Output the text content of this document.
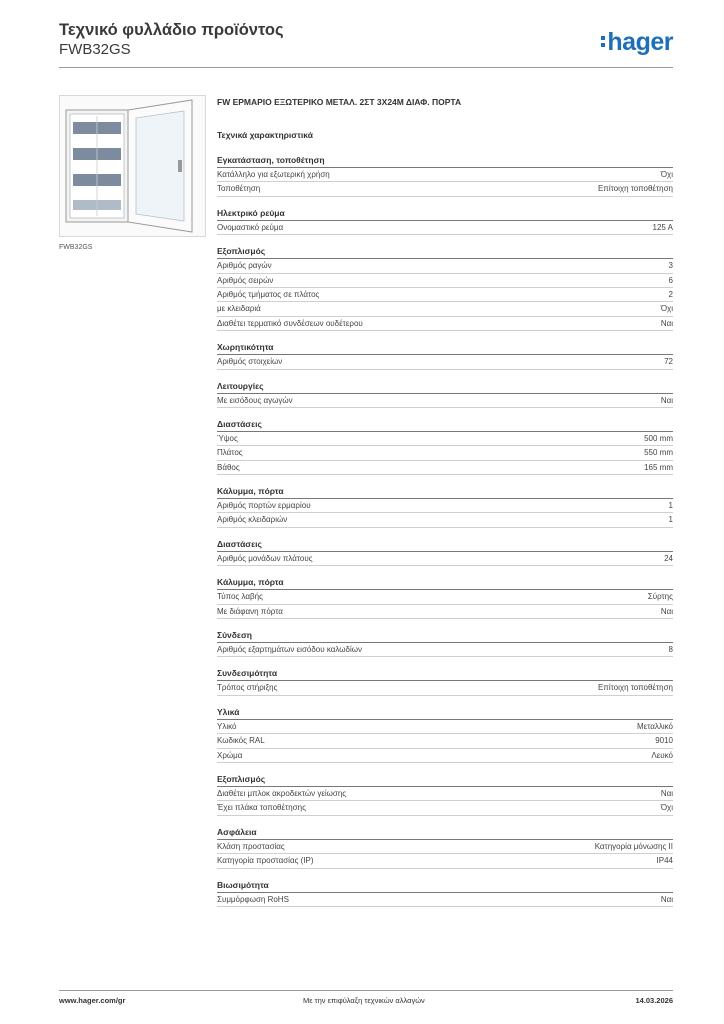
Τεχνικό φυλλάδιο προϊόντος
FWB32GS	hager
FWB32GS
FW ΕΡΜΑΡΙΟ ΕΞΩΤΕΡΙΚΟ ΜΕΤΑΛ. 2ΣΤ 3Χ24Μ ΔΙΑΦ. ΠΟΡΤΑ
Τεχνικά χαρακτηριστικά
Εγκατάσταση, τοποθέτηση
Κατάλληλο για εξωτερική χρήση	Όχι
Τοποθέτηση	Επίτοιχη τοποθέτηση
Ηλεκτρικό ρεύμα
Ονομαστικό ρεύμα	125 A
Εξοπλισμός
Αριθμός ραγών	3
Αριθμός σειρών	6
Αριθμός τμήματος σε πλάτος	2
με κλειδαριά	Όχι
Διαθέτει τερματικό συνδέσεων ουδέτερου	Ναι
Χωρητικότητα
Αριθμός στοιχείων	72
Λειτουργίες
Με εισόδους αγωγών	Ναι
Διαστάσεις
Ύψος	500 mm
Πλάτος	550 mm
Βάθος	165 mm
Κάλυμμα, πόρτα
Αριθμός πορτών ερμαρίου	1
Αριθμός κλειδαριών	1
Διαστάσεις
Αριθμός μονάδων πλάτους	24
Κάλυμμα, πόρτα
Τύπος λαβής	Σύρτης
Με διάφανη πόρτα	Ναι
Σύνδεση
Αριθμός εξαρτημάτων εισόδου καλωδίων	8
Συνδεσιμότητα
Τρόπος στήριξης	Επίτοιχη τοποθέτηση
Υλικά
Υλικό	Μεταλλικό
Κωδικός RAL	9010
Χρώμα	Λευκό
Εξοπλισμός
Διαθέτει μπλοκ ακροδεκτών γείωσης	Ναι
Έχει πλάκα τοποθέτησης	Όχι
Ασφάλεια
Κλάση προστασίας	Κατηγορία μόνωσης II
Κατηγορία προστασίας (IP)	IP44
Βιωσιμότητα
Συμμόρφωση RoHS	Ναι
www.hager.com/gr	Με την επιφύλαξη τεχνικών αλλαγών	14.03.2026
